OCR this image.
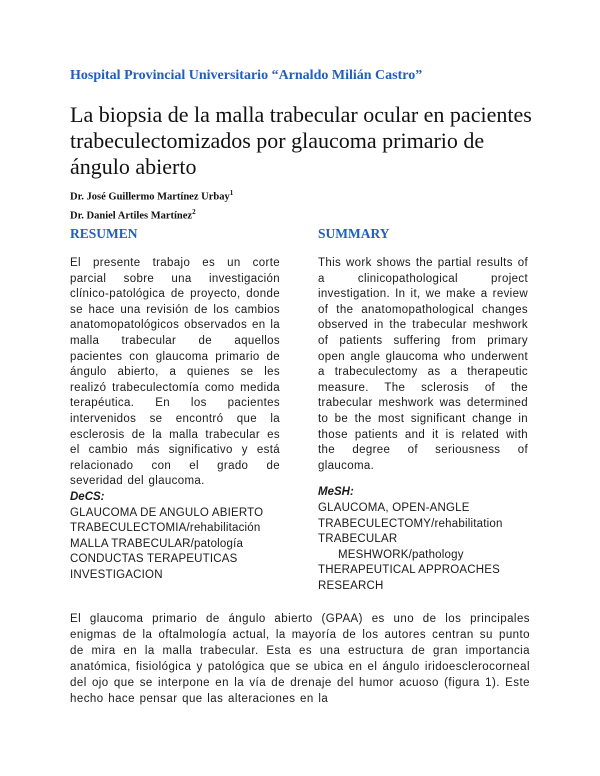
Hospital Provincial Universitario “Arnaldo Milián Castro”
La biopsia de la malla trabecular ocular en pacientes
trabeculectomizados por glaucoma primario de
ángulo abierto
Dr. José Guillermo Martínez Urbay$^1$
Dr. Daniel Artiles Martínez$^2$
RESUMEN
El presente trabajo es un corte parcial sobre una investigación clínico-patológica de proyecto, donde se hace una revisión de los cambios anatomopatológicos observados en la malla trabecular de aquellos pacientes con glaucoma primario de ángulo abierto, a quienes se les realizó trabeculectomía como medida terapéutica. En los pacientes intervenidos se encontró que la esclerosis de la malla trabecular es el cambio más significativo y está relacionado con el grado de severidad del glaucoma.
DeCS:
GLAUCOMA DE ANGULO ABIERTO
TRABECULECTOMIA/rehabilitación
MALLA TRABECULAR/patología
CONDUCTAS TERAPEUTICAS
INVESTIGACION
SUMMARY
This work shows the partial results of a clinicopathological project investigation. In it, we make a review of the anatomopathological changes observed in the trabecular meshwork of patients suffering from primary open angle glaucoma who underwent a trabeculectomy as a therapeutic measure. The sclerosis of the trabecular meshwork was determined to be the most significant change in those patients and it is related with the degree of seriousness of glaucoma.
MeSH:
GLAUCOMA, OPEN-ANGLE
TRABECULECTOMY/rehabilitation
TRABECULAR
MESHWORK/pathology
THERAPEUTICAL APPROACHES
RESEARCH
El glaucoma primario de ángulo abierto (GPAA) es uno de los principales enigmas de la oftalmología actual, la mayoría de los autores centran su punto de mira en la malla trabecular. Esta es una estructura de gran importancia anatómica, fisiológica y patológica que se ubica en el ángulo iridoesclerocorneal del ojo que se interpone en la vía de drenaje del humor acuoso (figura 1). Este hecho hace pensar que las alteraciones en la
